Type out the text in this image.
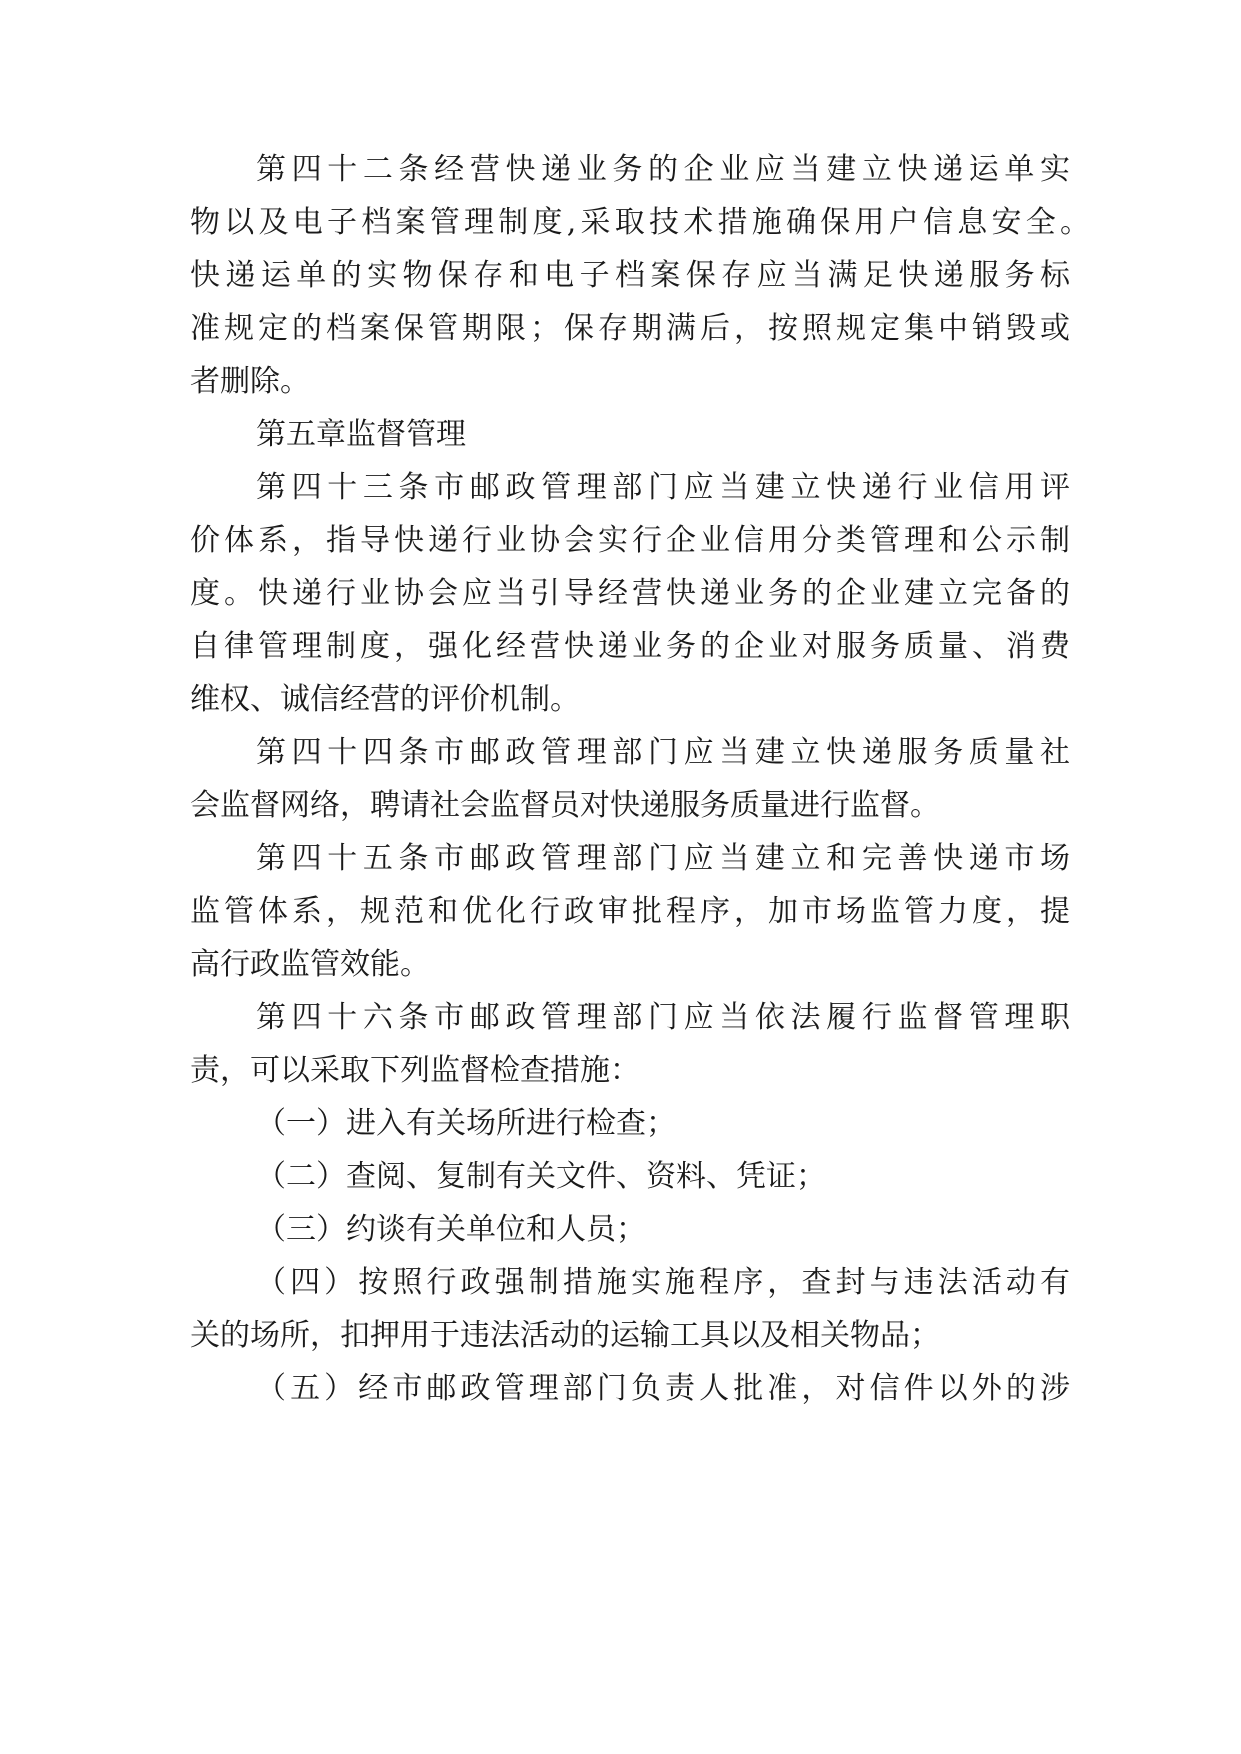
第四十二条经营快递业务的企业应当建立快递运单实
物以及电子档案管理制度,采取技术措施确保用户信息安全。
快递运单的实物保存和电子档案保存应当满足快递服务标
准规定的档案保管期限；保存期满后，按照规定集中销毁或
者删除。
第五章监督管理
第四十三条市邮政管理部门应当建立快递行业信用评
价体系，指导快递行业协会实行企业信用分类管理和公示制
度。快递行业协会应当引导经营快递业务的企业建立完备的
自律管理制度，强化经营快递业务的企业对服务质量、消费
维权、诚信经营的评价机制。
第四十四条市邮政管理部门应当建立快递服务质量社
会监督网络，聘请社会监督员对快递服务质量进行监督。
第四十五条市邮政管理部门应当建立和完善快递市场
监管体系，规范和优化行政审批程序，加市场监管力度，提
高行政监管效能。
第四十六条市邮政管理部门应当依法履行监督管理职
责，可以采取下列监督检查措施：
（一）进入有关场所进行检查；
（二）查阅、复制有关文件、资料、凭证；
（三）约谈有关单位和人员；
（四）按照行政强制措施实施程序，查封与违法活动有
关的场所，扣押用于违法活动的运输工具以及相关物品；
（五）经市邮政管理部门负责人批准，对信件以外的涉
